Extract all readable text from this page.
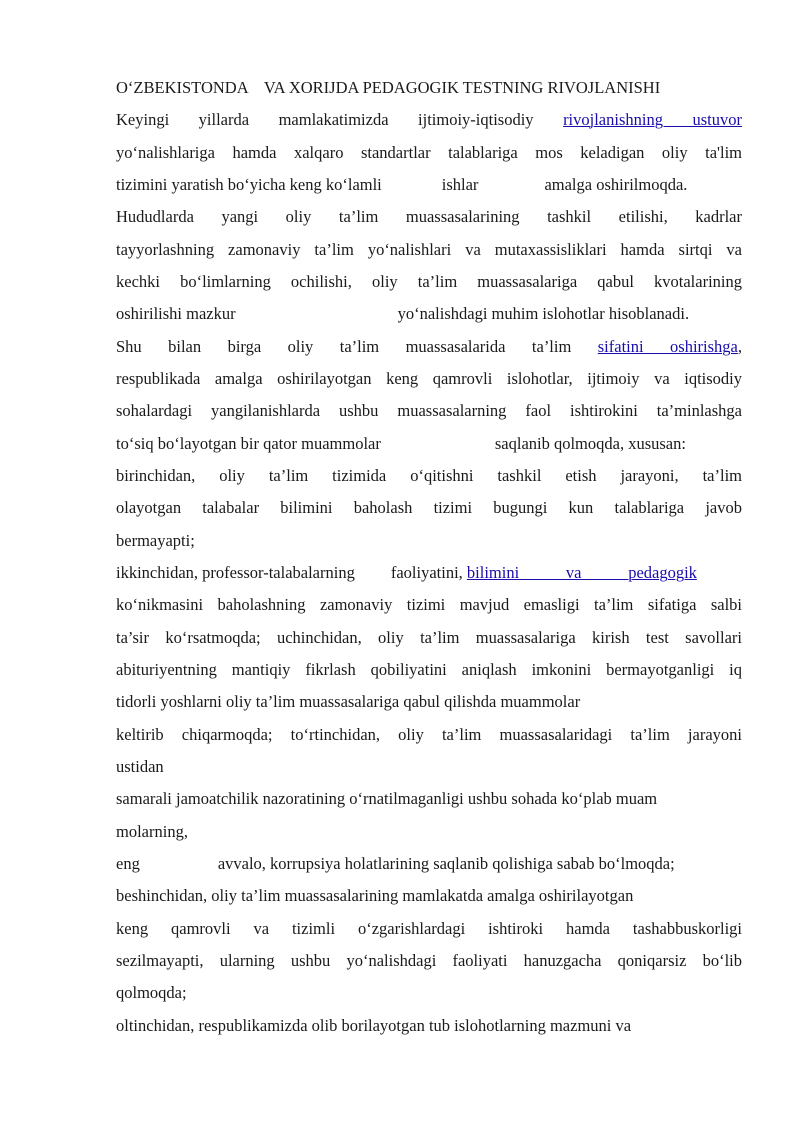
O‘ZBEKISTONDA    VA XORIJDA PEDAGOGIK TESTNING RIVOJLANISHI
Keyingi yillarda mamlakatimizda ijtimoiy-iqtisodiy rivojlanishning ustuvor
yo‘nalishlariga hamda xalqaro standartlar talablariga mos keladigan oliy ta'lim
tizimini yaratish bo‘yicha keng ko‘lamli	ishlar	amalga oshirilmoqda.
Hududlarda yangi oliy ta’lim muassasalarining tashkil etilishi, kadrlar
tayyorlashning zamonaviy ta’lim yo‘nalishlari va mutaxassisliklari hamda sirtqi va
kechki bo‘limlarning ochilishi, oliy ta’lim muassasalariga qabul kvotalarining
oshirilishi mazkur	yo‘nalishdagi muhim islohotlar hisoblanadi.
Shu bilan birga oliy ta’lim muassasalarida ta’lim sifatini oshirishga,
respublikada amalga oshirilayotgan keng qamrovli islohotlar, ijtimoiy va iqtisodiy
sohalardagi yangilanishlarda ushbu muassasalarning faol ishtirokini ta’minlashga
to‘siq bo‘layotgan bir qator muammolar	saqlanib qolmoqda, xususan:
birinchidan, oliy ta’lim tizimida o‘qitishni tashkil etish jarayoni, ta’lim
olayotgan talabalar bilimini baholash tizimi bugungi kun talablariga javob
bermayapti;
ikkinchidan, professor-talabalarning faoliyatini, bilimini va pedagogik
ko‘nikmasini baholashning zamonaviy tizimi mavjud emasligi ta’lim sifatiga salbi
ta’sir ko‘rsatmoqda; uchinchidan, oliy ta’lim muassasalariga kirish test savollari
abituriyentning mantiqiy fikrlash qobiliyatini aniqlash imkonini bermayotganligi iq
tidorli yoshlarni oliy ta’lim muassasalariga qabul qilishda muammolar
keltirib chiqarmoqda; to‘rtinchidan, oliy ta’lim muassasalaridagi ta’lim jarayoni
ustidan
samarali jamoatchilik nazoratining o‘rnatilmaganligi ushbu sohada ko‘plab muam
molarning,
eng	avvalo, korrupsiya holatlarining saqlanib qolishiga sabab bo‘lmoqda;
beshinchidan, oliy ta’lim muassasalarining mamlakatda amalga oshirilayotgan
keng qamrovli va tizimli o‘zgarishlardagi ishtiroki hamda tashabbuskorligi
sezilmayapti, ularning ushbu yo‘nalishdagi faoliyati hanuzgacha qoniqarsiz bo‘lib
qolmoqda;
oltinchidan, respublikamizda olib borilayotgan tub islohotlarning mazmuni va
